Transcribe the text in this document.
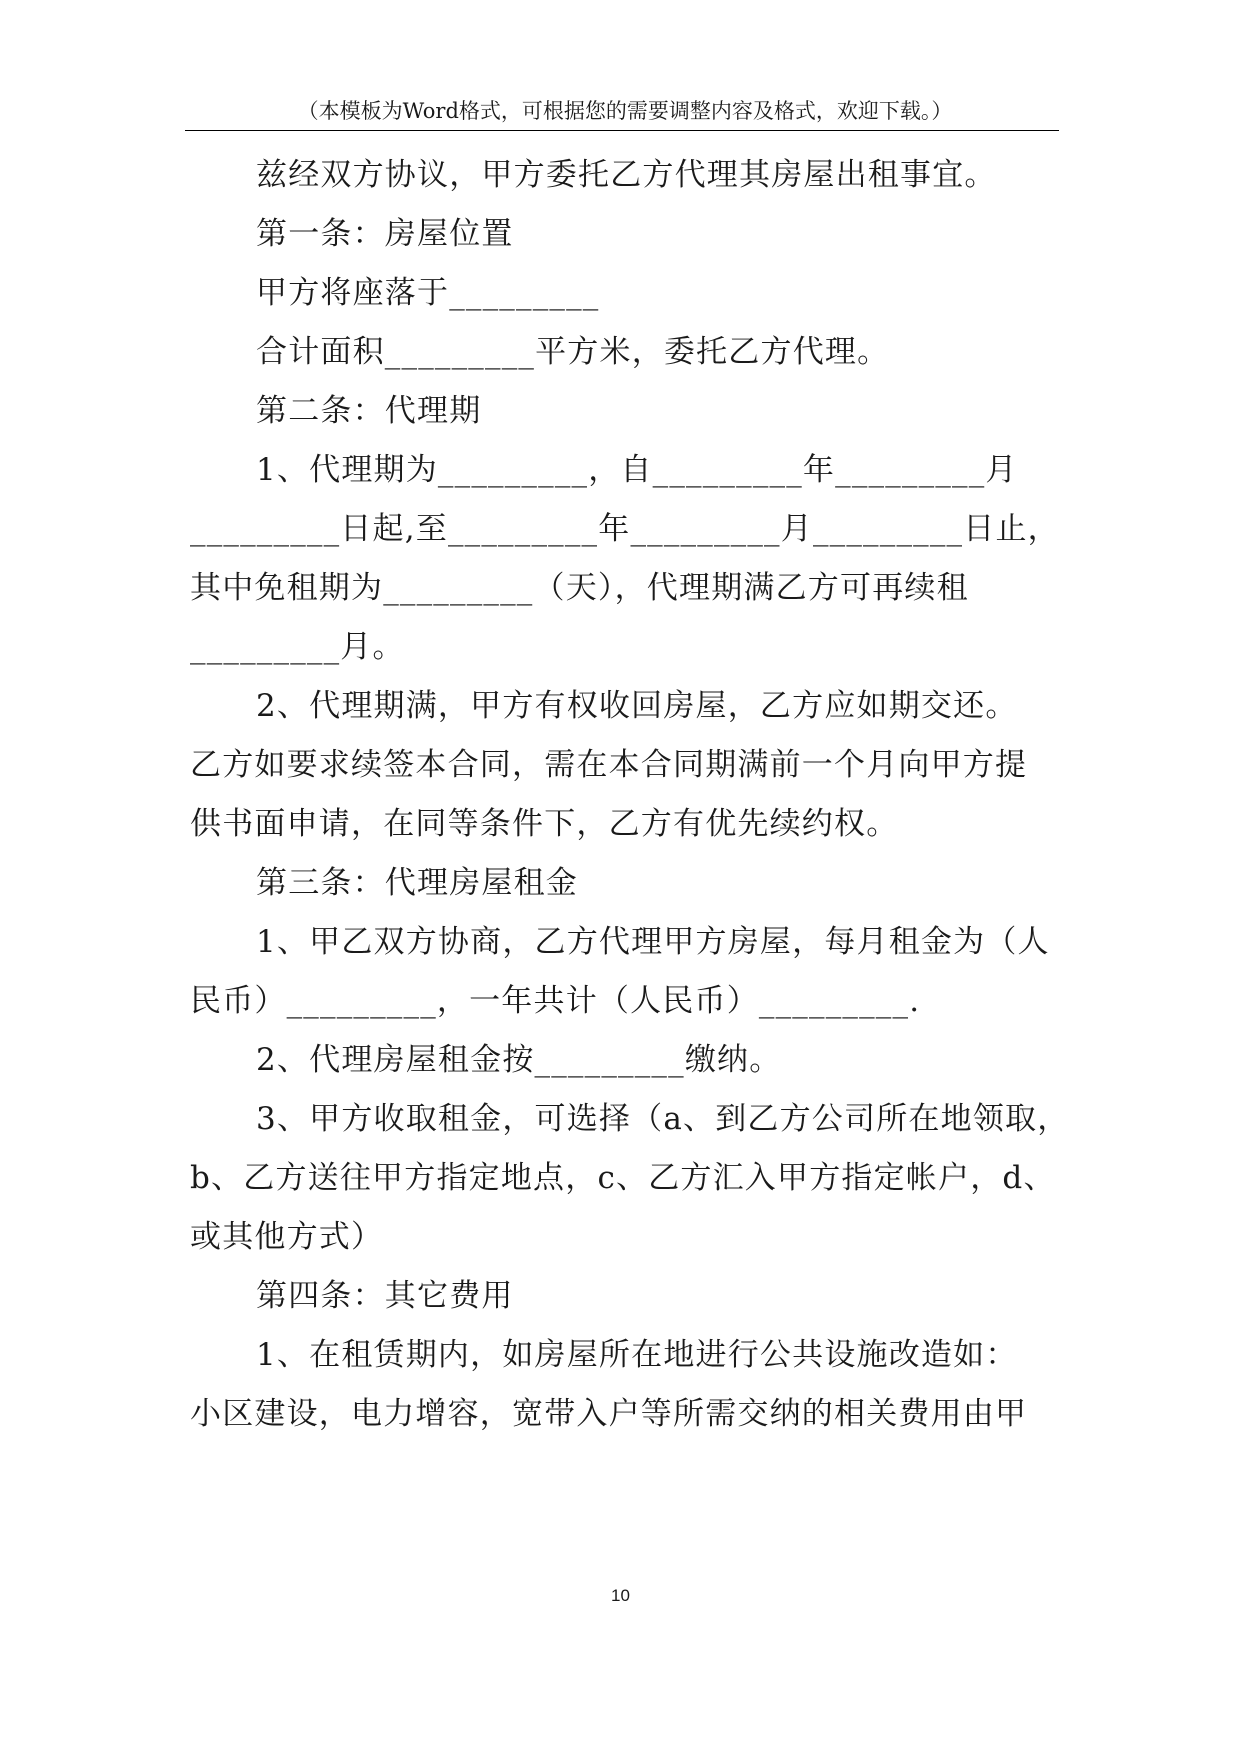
（本模板为Word格式，可根据您的需要调整内容及格式，欢迎下载。）
兹经双方协议，甲方委托乙方代理其房屋出租事宜。
第一条：房屋位置
甲方将座落于_________
合计面积_________平方米，委托乙方代理。
第二条：代理期
1、代理期为_________，自_________年_________月
_________日起,至_________年_________月_________日止，
其中免租期为_________（天），代理期满乙方可再续租
_________月。
2、代理期满，甲方有权收回房屋，乙方应如期交还。
乙方如要求续签本合同，需在本合同期满前一个月向甲方提
供书面申请，在同等条件下，乙方有优先续约权。
第三条：代理房屋租金
1、甲乙双方协商，乙方代理甲方房屋，每月租金为（人
民币）_________，一年共计（人民币）_________.
2、代理房屋租金按_________缴纳。
3、甲方收取租金，可选择（a、到乙方公司所在地领取，
b、乙方送往甲方指定地点，c、乙方汇入甲方指定帐户，d、
或其他方式）
第四条：其它费用
1、在租赁期内，如房屋所在地进行公共设施改造如：
小区建设，电力增容，宽带入户等所需交纳的相关费用由甲
10
